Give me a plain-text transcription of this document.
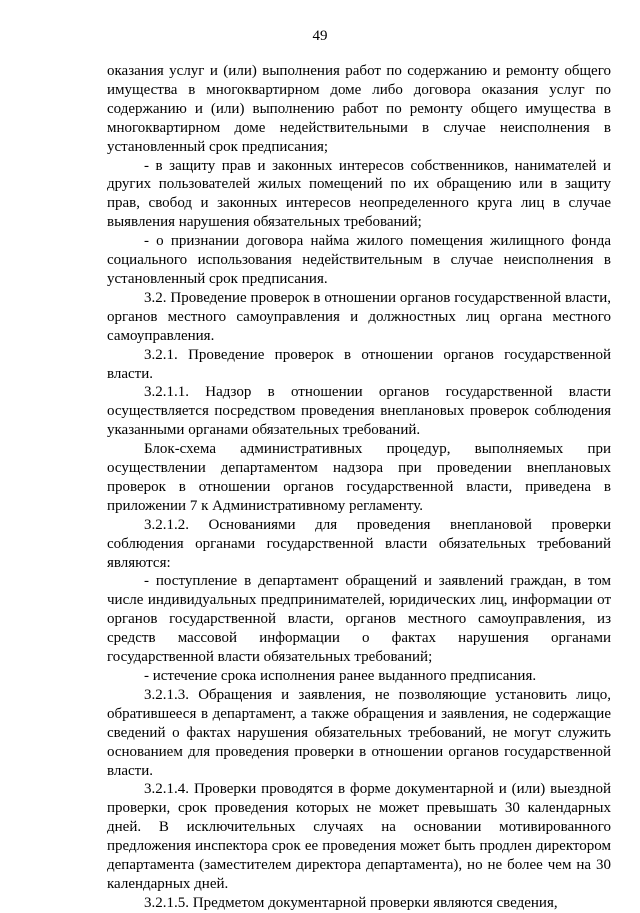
49

оказания услуг и (или) выполнения работ по содержанию и ремонту общего имущества в многоквартирном доме либо договора оказания услуг по содержанию и (или) выполнению работ по ремонту общего имущества в многоквартирном доме недействительными в случае неисполнения в установленный срок предписания;

- в защиту прав и законных интересов собственников, нанимателей и других пользователей жилых помещений по их обращению или в защиту прав, свобод и законных интересов неопределенного круга лиц в случае выявления нарушения обязательных требований;

- о признании договора найма жилого помещения жилищного фонда социального использования недействительным в случае неисполнения в установленный срок предписания.

3.2. Проведение проверок в отношении органов государственной власти, органов местного самоуправления и должностных лиц органа местного самоуправления.

3.2.1. Проведение проверок в отношении органов государственной власти.

3.2.1.1. Надзор в отношении органов государственной власти осуществляется посредством проведения внеплановых проверок соблюдения указанными органами обязательных требований.

Блок-схема административных процедур, выполняемых при осуществлении департаментом надзора при проведении внеплановых проверок в отношении органов государственной власти, приведена в приложении 7 к Административному регламенту.

3.2.1.2. Основаниями для проведения внеплановой проверки соблюдения органами государственной власти обязательных требований являются:

- поступление в департамент обращений и заявлений граждан, в том числе индивидуальных предпринимателей, юридических лиц, информации от органов государственной власти, органов местного самоуправления, из средств массовой информации о фактах нарушения органами государственной власти обязательных требований;

- истечение срока исполнения ранее выданного предписания.

3.2.1.3. Обращения и заявления, не позволяющие установить лицо, обратившееся в департамент, а также обращения и заявления, не содержащие сведений о фактах нарушения обязательных требований, не могут служить основанием для проведения проверки в отношении органов государственной власти.

3.2.1.4. Проверки проводятся в форме документарной и (или) выездной проверки, срок проведения которых не может превышать 30 календарных дней. В исключительных случаях на основании мотивированного предложения инспектора срок ее проведения может быть продлен директором департамента (заместителем директора департамента), но не более чем на 30 календарных дней.

3.2.1.5. Предметом документарной проверки являются сведения,
